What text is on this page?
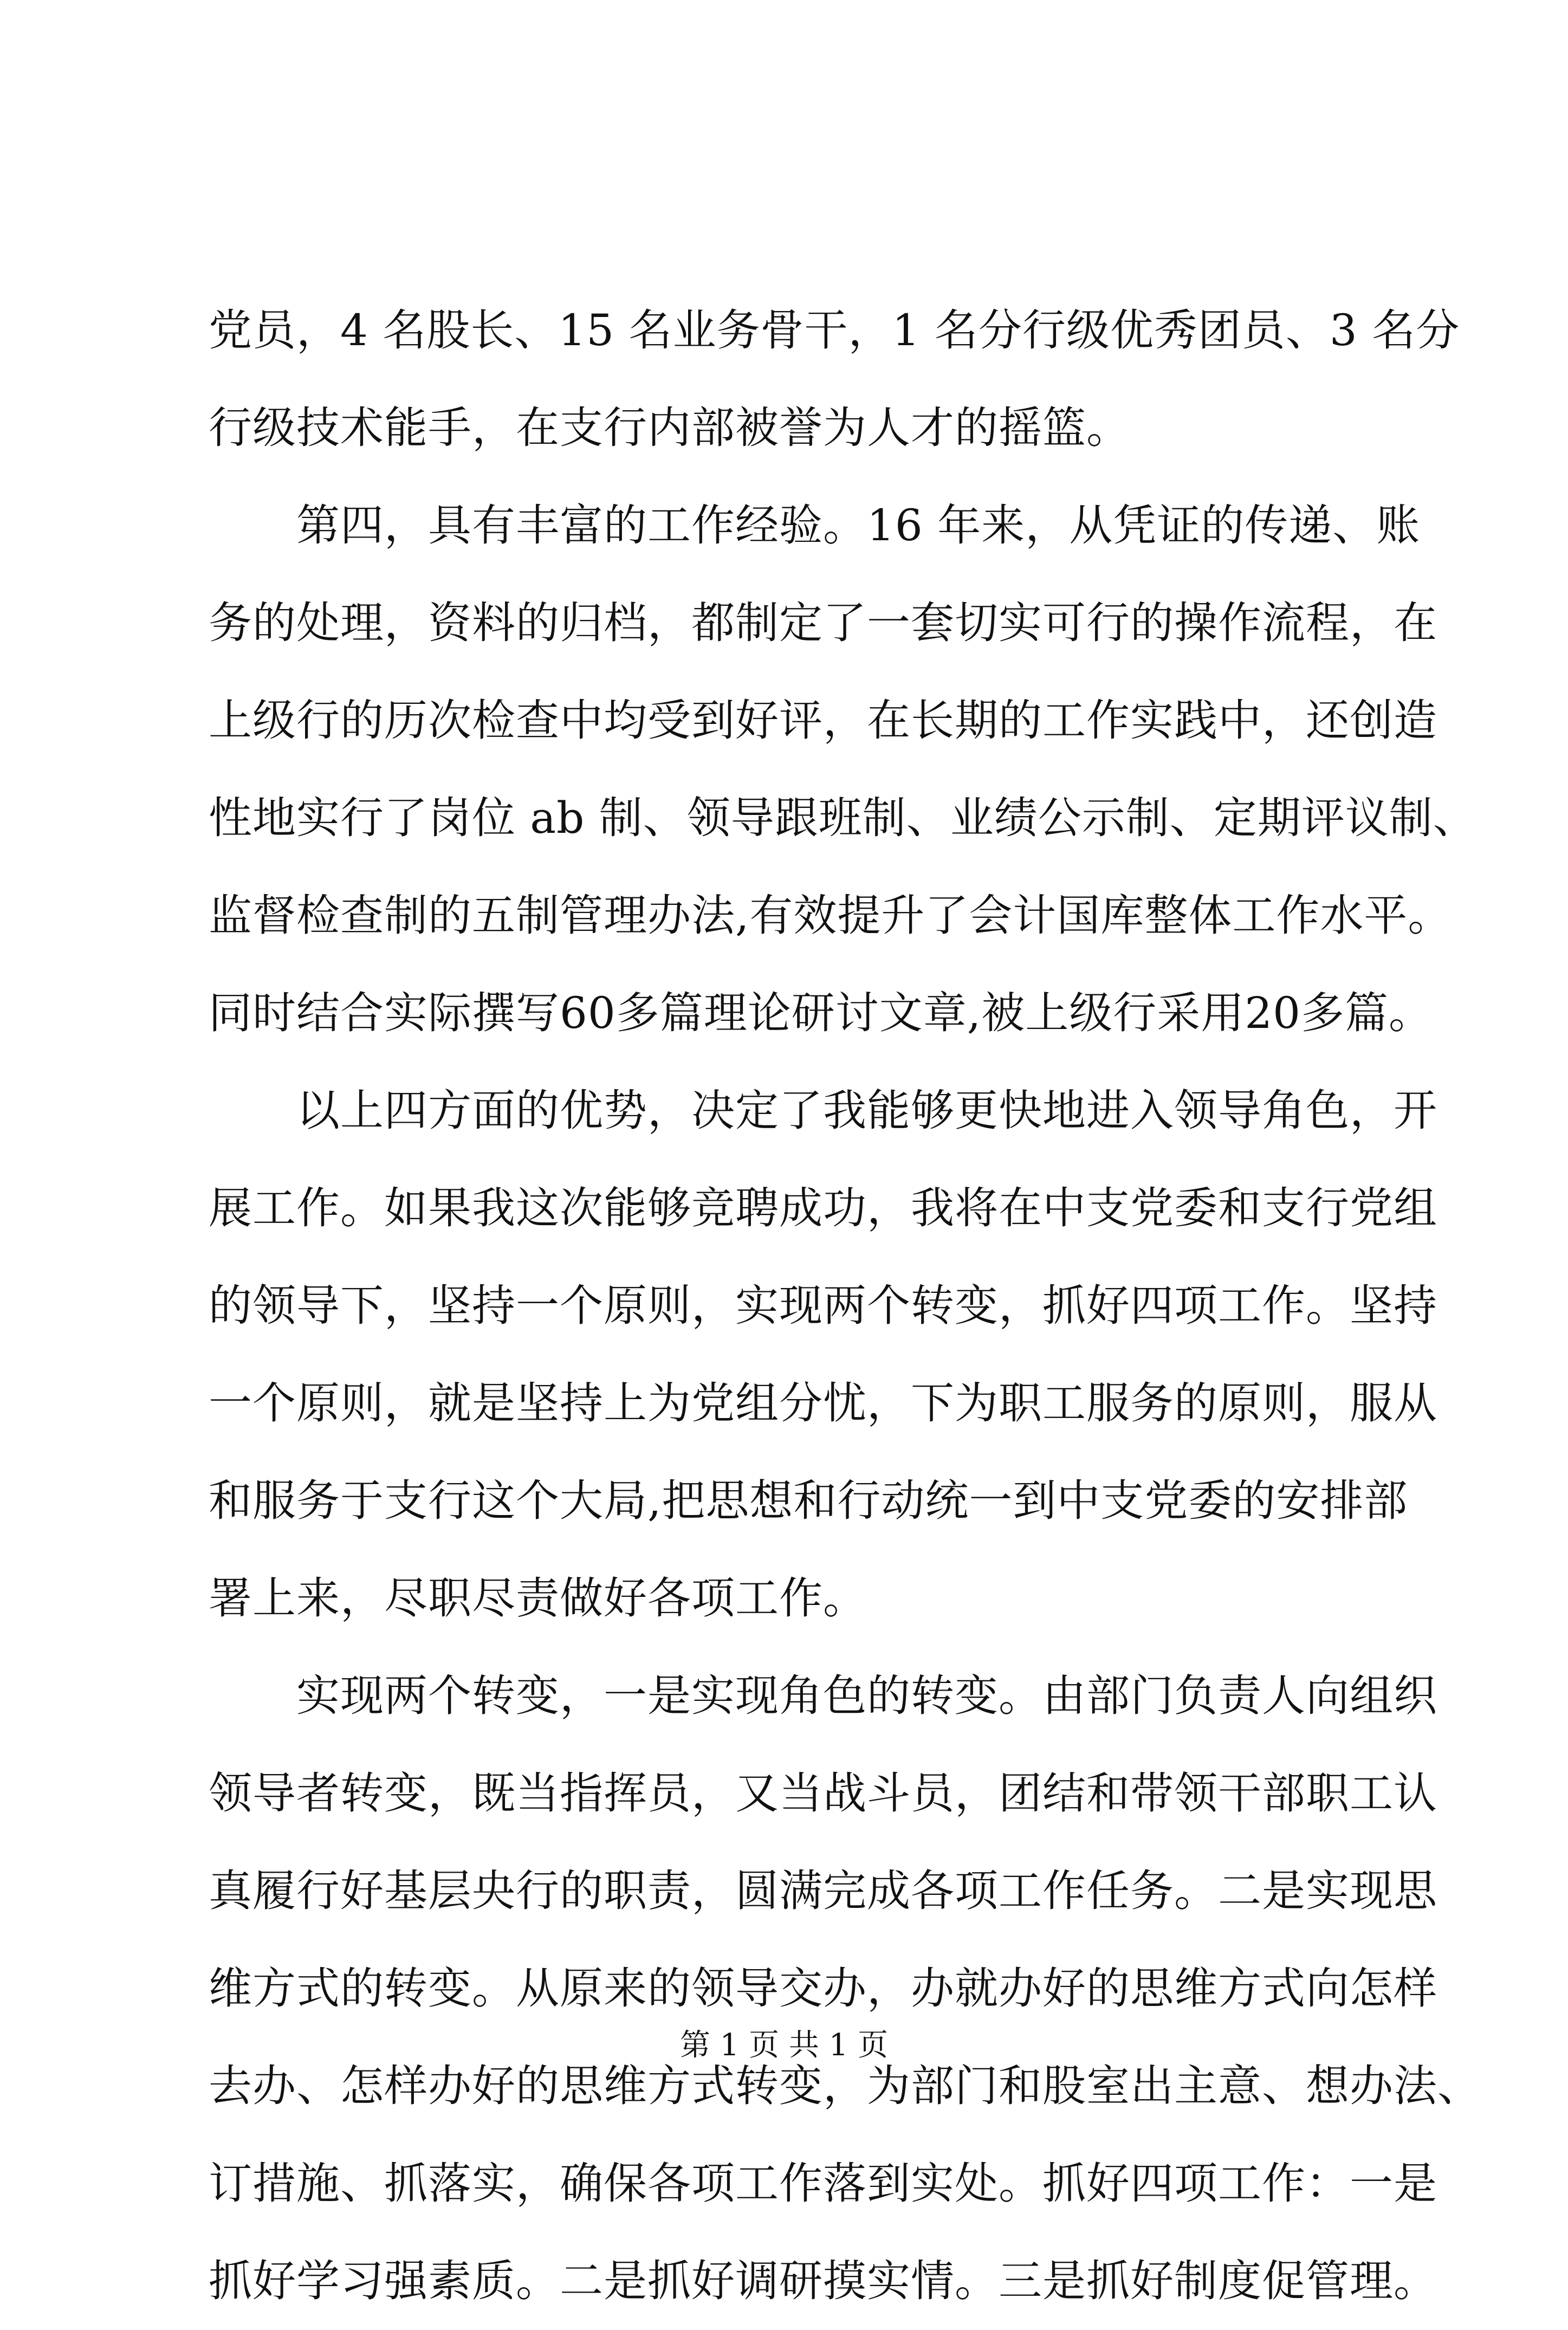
党员，4 名股长、15 名业务骨干，1 名分行级优秀团员、3 名分
行级技术能手，在支行内部被誉为人才的摇篮。
第四，具有丰富的工作经验。16 年来，从凭证的传递、账
务的处理，资料的归档，都制定了一套切实可行的操作流程，在
上级行的历次检查中均受到好评，在长期的工作实践中，还创造
性地实行了岗位 ab 制、领导跟班制、业绩公示制、定期评议制、
监督检查制的五制管理办法,有效提升了会计国库整体工作水平。
同时结合实际撰写60多篇理论研讨文章,被上级行采用20多篇。
以上四方面的优势，决定了我能够更快地进入领导角色，开
展工作。如果我这次能够竞聘成功，我将在中支党委和支行党组
的领导下，坚持一个原则，实现两个转变，抓好四项工作。坚持
一个原则，就是坚持上为党组分忧，下为职工服务的原则，服从
和服务于支行这个大局,把思想和行动统一到中支党委的安排部
署上来，尽职尽责做好各项工作。
实现两个转变，一是实现角色的转变。由部门负责人向组织
领导者转变，既当指挥员，又当战斗员，团结和带领干部职工认
真履行好基层央行的职责，圆满完成各项工作任务。二是实现思
维方式的转变。从原来的领导交办，办就办好的思维方式向怎样
去办、怎样办好的思维方式转变，为部门和股室出主意、想办法、
订措施、抓落实，确保各项工作落到实处。抓好四项工作：一是
抓好学习强素质。二是抓好调研摸实情。三是抓好制度促管理。
第 1 页 共 1 页
